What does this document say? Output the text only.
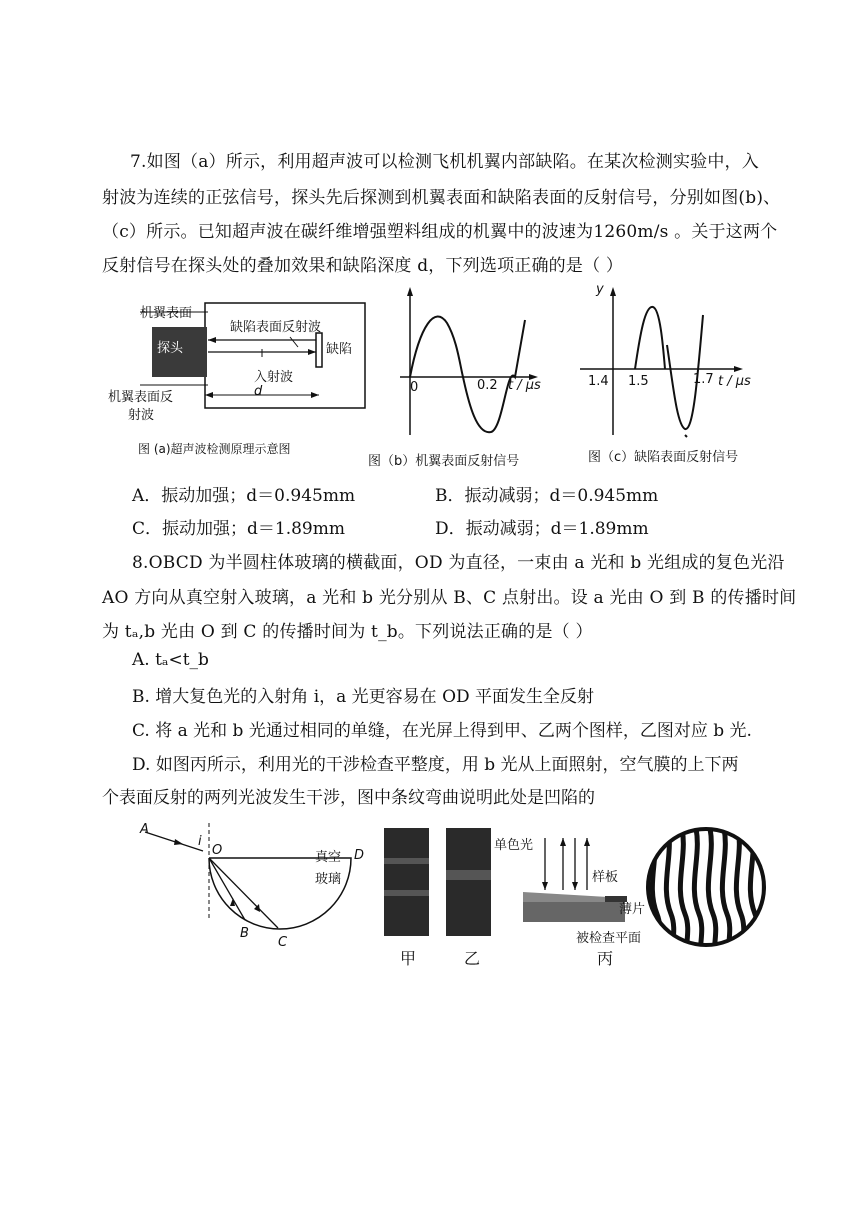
7.如图（a）所示，利用超声波可以检测飞机机翼内部缺陷。在某次检测实验中，入
射波为连续的正弦信号，探头先后探测到机翼表面和缺陷表面的反射信号，分别如图(b)、
（c）所示。已知超声波在碳纤维增强塑料组成的机翼中的波速为1260m/s 。关于这两个
反射信号在探头处的叠加效果和缺陷深度 d，下列选项正确的是（ ）
机翼表面
探头
缺陷表面反射波
缺陷
入射波
机翼表面反
射波
d
图 (a)超声波检测原理示意图
0	0.2 t / μs
图（b）机翼表面反射信号
y
1.4 1.5	1.7 t / μs
图（c）缺陷表面反射信号
A．振动加强；d＝0.945mm	B．振动减弱；d＝0.945mm
C．振动加强；d＝1.89mm	D．振动减弱；d＝1.89mm
8.OBCD 为半圆柱体玻璃的横截面，OD 为直径，一束由 a 光和 b 光组成的复色光沿
AO 方向从真空射入玻璃，a 光和 b 光分别从 B、C 点射出。设 a 光由 O 到 B 的传播时间
为 tₐ,b 光由 O 到 C 的传播时间为 t_b。下列说法正确的是（ ）
A. tₐ<t_b
B. 增大复色光的入射角 i，a 光更容易在 OD 平面发生全反射
C. 将 a 光和 b 光通过相同的单缝，在光屏上得到甲、乙两个图样，乙图对应 b 光.
D. 如图丙所示，利用光的干涉检查平整度，用 b 光从上面照射，空气膜的上下两
个表面反射的两列光波发生干涉，图中条纹弯曲说明此处是凹陷的
A
i
O	D
B
C
真空
玻璃
甲	乙
单色光
样板
薄片
被检查平面
丙
